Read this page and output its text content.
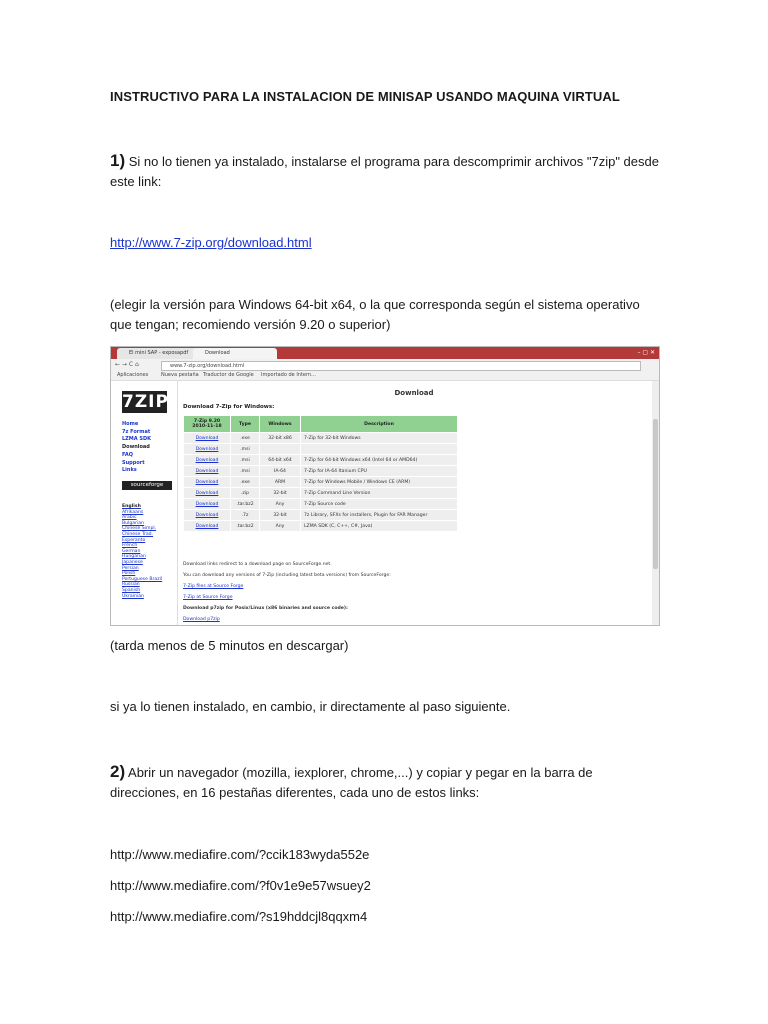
INSTRUCTIVO PARA LA INSTALACION DE MINISAP USANDO MAQUINA VIRTUAL
1) Si no lo tienen ya instalado, instalarse el programa para descomprimir archivos "7zip" desde
este link:
http://www.7-zip.org/download.html
(elegir la versión para Windows 64-bit x64, o la que corresponda según el sistema operativo
que tengan; recomiendo versión 9.20 o superior)
El mini SAP - exposapdf	Download	– ▢ ✕
← → C ⌂	www.7-zip.org/download.html
Aplicaciones	Nueva pestaña Traductor de Google Importado de Intern...
7ZIP
Home
7z Format
LZMA SDK
Download
FAQ
Support
Links
sourceforge
English
Afrikaans
Arabic
Bulgarian
Chinese Simpl.
Chinese Trad.
Esperanto
French
German
Hungarian
Japanese
Persian
Polish
Portuguese Brazil
Russian
Spanish
Ukrainian
Download
Download 7-Zip for Windows:
7-Zip 9.20
2010-11-18	Type	Windows	Description
Download	.exe	32-bit x86	7-Zip for 32-bit Windows
Download	.msi		
Download	.msi	64-bit x64	7-Zip for 64-bit Windows x64 (Intel 64 or AMD64)
Download	.msi	IA-64	7-Zip for IA-64 Itanium CPU
Download	.exe	ARM	7-Zip for Windows Mobile / Windows CE (ARM)
Download	.zip	32-bit	7-Zip Command Line Version
Download	.tar.bz2	Any	7-Zip Source code
Download	.7z	32-bit	7z Library, SFXs for installers, Plugin for FAR Manager
Download	.tar.bz2	Any	LZMA SDK (C, C++, C#, Java)
Download links redirect to a download page on SourceForge.net.
You can download any versions of 7-Zip (including latest beta versions) from SourceForge:
7-Zip files at Source Forge
7-Zip at Source Forge
Download p7zip for Posix/Linux (x86 binaries and source code):
Download p7zip
(tarda menos de 5 minutos en descargar)
si ya lo tienen instalado, en cambio, ir directamente al paso siguiente.
2) Abrir un navegador (mozilla, iexplorer, chrome,...) y copiar y pegar en la barra de
direcciones, en 16 pestañas diferentes, cada uno de estos links:
http://www.mediafire.com/?ccik183wyda552e
http://www.mediafire.com/?f0v1e9e57wsuey2
http://www.mediafire.com/?s19hddcjl8qqxm4
